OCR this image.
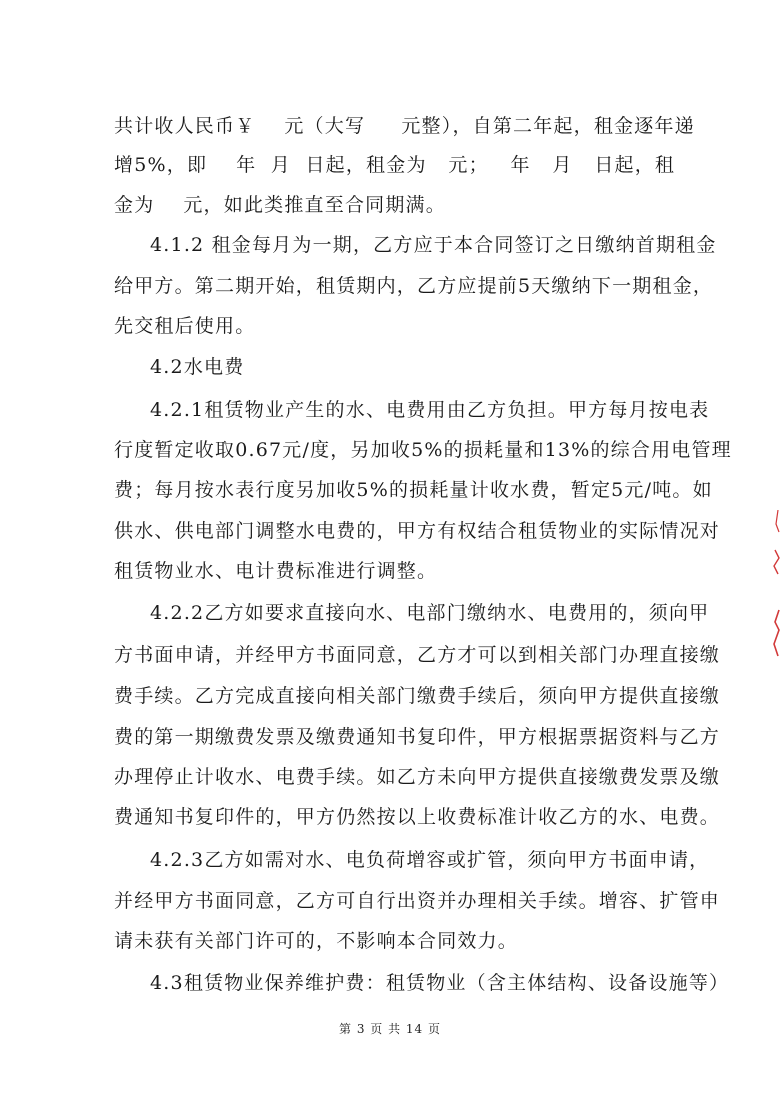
共计收人民币￥    元（大写     元整），自第二年起，租金逐年递
增5%，即    年  月  日起，租金为   元；   年   月   日起，租
金为    元，如此类推直至合同期满。
4.1.2 租金每月为一期，乙方应于本合同签订之日缴纳首期租金
给甲方。第二期开始，租赁期内，乙方应提前5天缴纳下一期租金，
先交租后使用。
4.2水电费
4.2.1租赁物业产生的水、电费用由乙方负担。甲方每月按电表
行度暂定收取0.67元/度，另加收5%的损耗量和13%的综合用电管理
费；每月按水表行度另加收5%的损耗量计收水费，暂定5元/吨。如
供水、供电部门调整水电费的，甲方有权结合租赁物业的实际情况对
租赁物业水、电计费标准进行调整。
4.2.2乙方如要求直接向水、电部门缴纳水、电费用的，须向甲
方书面申请，并经甲方书面同意，乙方才可以到相关部门办理直接缴
费手续。乙方完成直接向相关部门缴费手续后，须向甲方提供直接缴
费的第一期缴费发票及缴费通知书复印件，甲方根据票据资料与乙方
办理停止计收水、电费手续。如乙方未向甲方提供直接缴费发票及缴
费通知书复印件的，甲方仍然按以上收费标准计收乙方的水、电费。
4.2.3乙方如需对水、电负荷增容或扩管，须向甲方书面申请，
并经甲方书面同意，乙方可自行出资并办理相关手续。增容、扩管申
请未获有关部门许可的，不影响本合同效力。
4.3租赁物业保养维护费：租赁物业（含主体结构、设备设施等）
第 3 页 共 14 页
